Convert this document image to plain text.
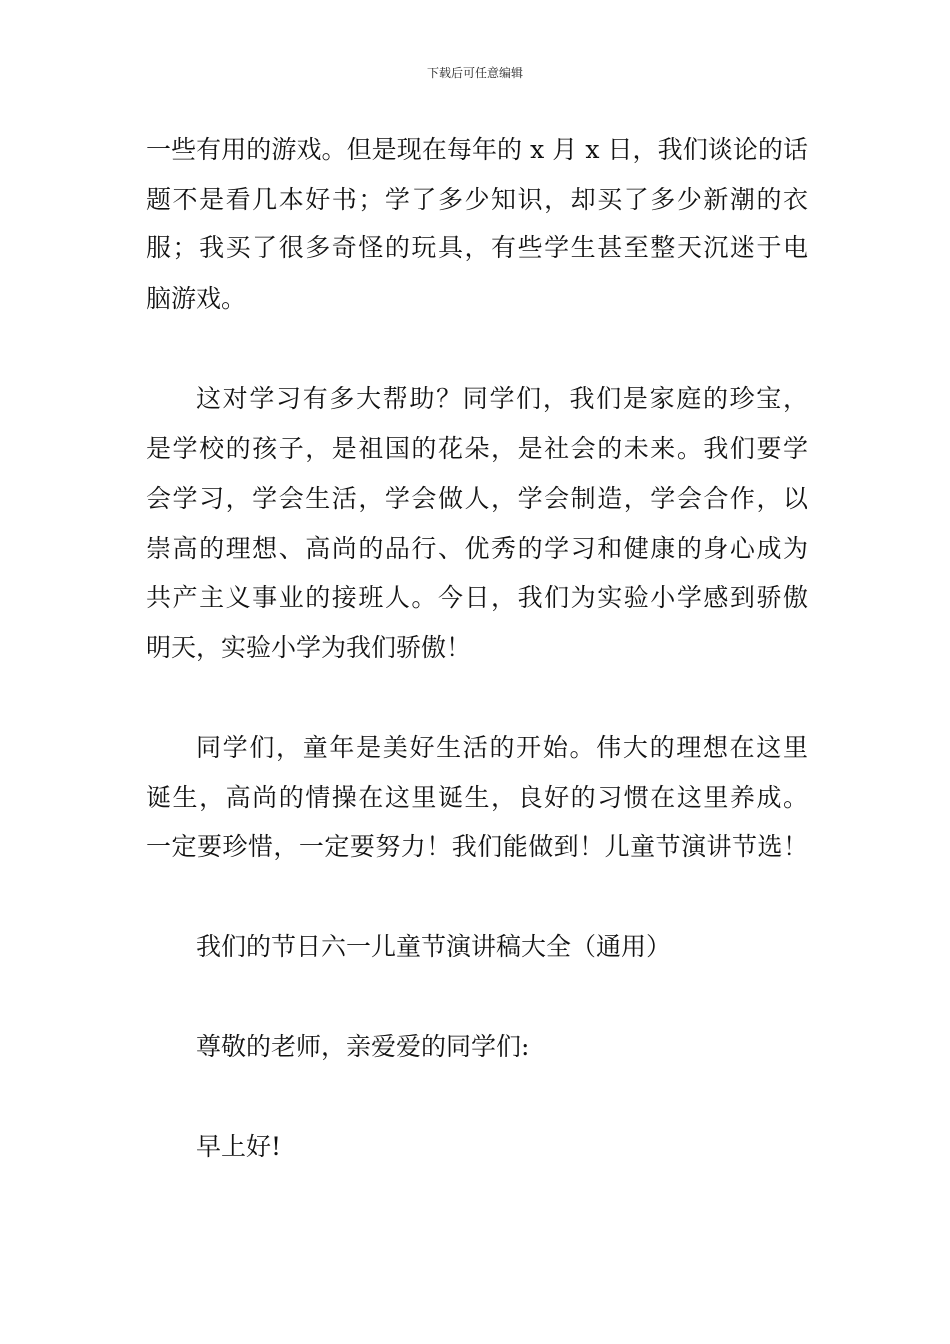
下载后可任意编辑
一些有用的游戏。但是现在每年的 x 月 x 日，我们谈论的话
题不是看几本好书；学了多少知识，却买了多少新潮的衣
服；我买了很多奇怪的玩具，有些学生甚至整天沉迷于电
脑游戏。
这对学习有多大帮助？同学们，我们是家庭的珍宝，
是学校的孩子，是祖国的花朵，是社会的未来。我们要学
会学习，学会生活，学会做人，学会制造，学会合作，以
崇高的理想、高尚的品行、优秀的学习和健康的身心成为
共产主义事业的接班人。今日，我们为实验小学感到骄傲
明天，实验小学为我们骄傲！
同学们，童年是美好生活的开始。伟大的理想在这里
诞生，高尚的情操在这里诞生，良好的习惯在这里养成。
一定要珍惜，一定要努力！我们能做到！儿童节演讲节选！
我们的节日六一儿童节演讲稿大全（通用）
尊敬的老师，亲爱爱的同学们:
早上好!
